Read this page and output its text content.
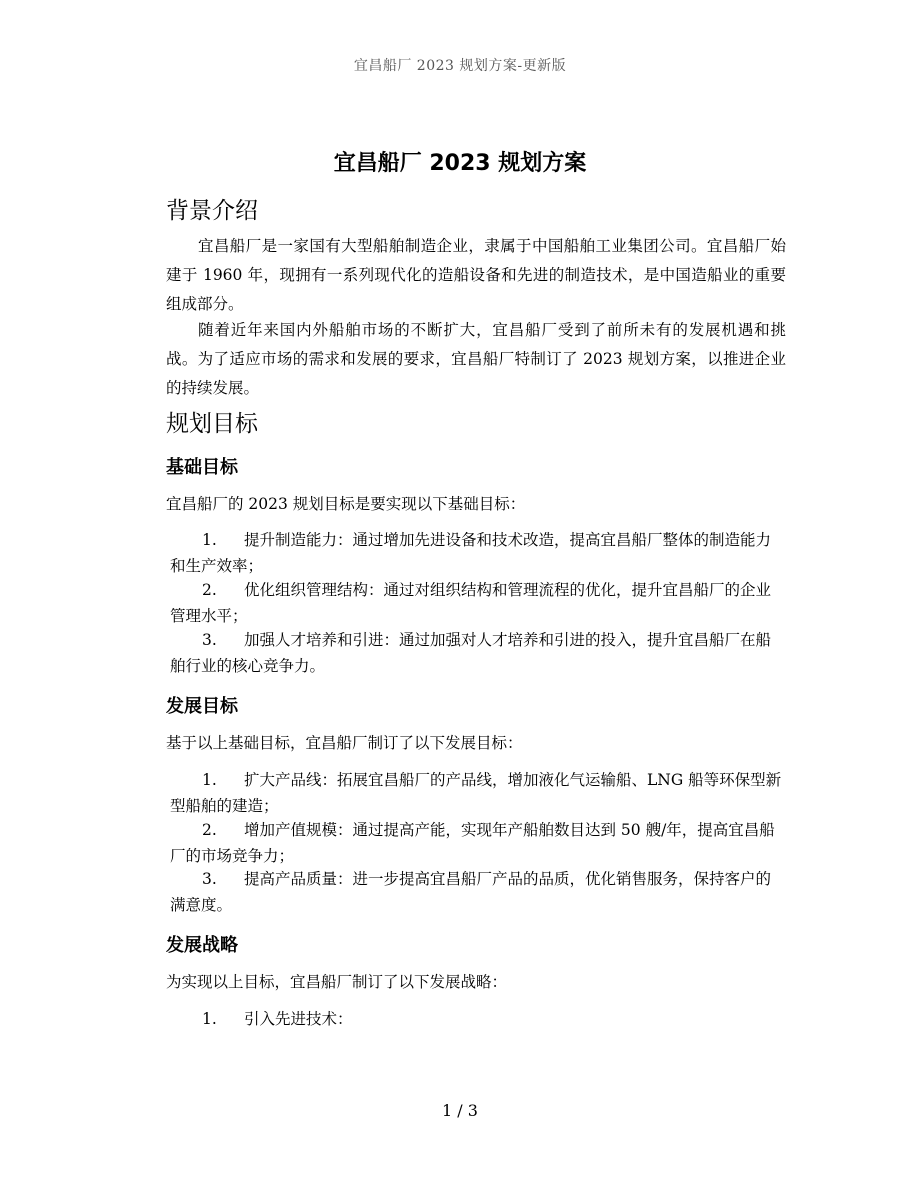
宜昌船厂 2023 规划方案-更新版
宜昌船厂 2023 规划方案
背景介绍
宜昌船厂是一家国有大型船舶制造企业，隶属于中国船舶工业集团公司。宜昌船厂始建于 1960 年，现拥有一系列现代化的造船设备和先进的制造技术，是中国造船业的重要组成部分。
随着近年来国内外船舶市场的不断扩大，宜昌船厂受到了前所未有的发展机遇和挑战。为了适应市场的需求和发展的要求，宜昌船厂特制订了 2023 规划方案，以推进企业的持续发展。
规划目标
基础目标
宜昌船厂的 2023 规划目标是要实现以下基础目标：
1. 提升制造能力：通过增加先进设备和技术改造，提高宜昌船厂整体的制造能力和生产效率；
2. 优化组织管理结构：通过对组织结构和管理流程的优化，提升宜昌船厂的企业管理水平；
3. 加强人才培养和引进：通过加强对人才培养和引进的投入，提升宜昌船厂在船舶行业的核心竞争力。
发展目标
基于以上基础目标，宜昌船厂制订了以下发展目标：
1. 扩大产品线：拓展宜昌船厂的产品线，增加液化气运输船、LNG 船等环保型新型船舶的建造；
2. 增加产值规模：通过提高产能，实现年产船舶数目达到 50 艘/年，提高宜昌船厂的市场竞争力；
3. 提高产品质量：进一步提高宜昌船厂产品的品质，优化销售服务，保持客户的满意度。
发展战略
为实现以上目标，宜昌船厂制订了以下发展战略：
1. 引入先进技术：
1 / 3
